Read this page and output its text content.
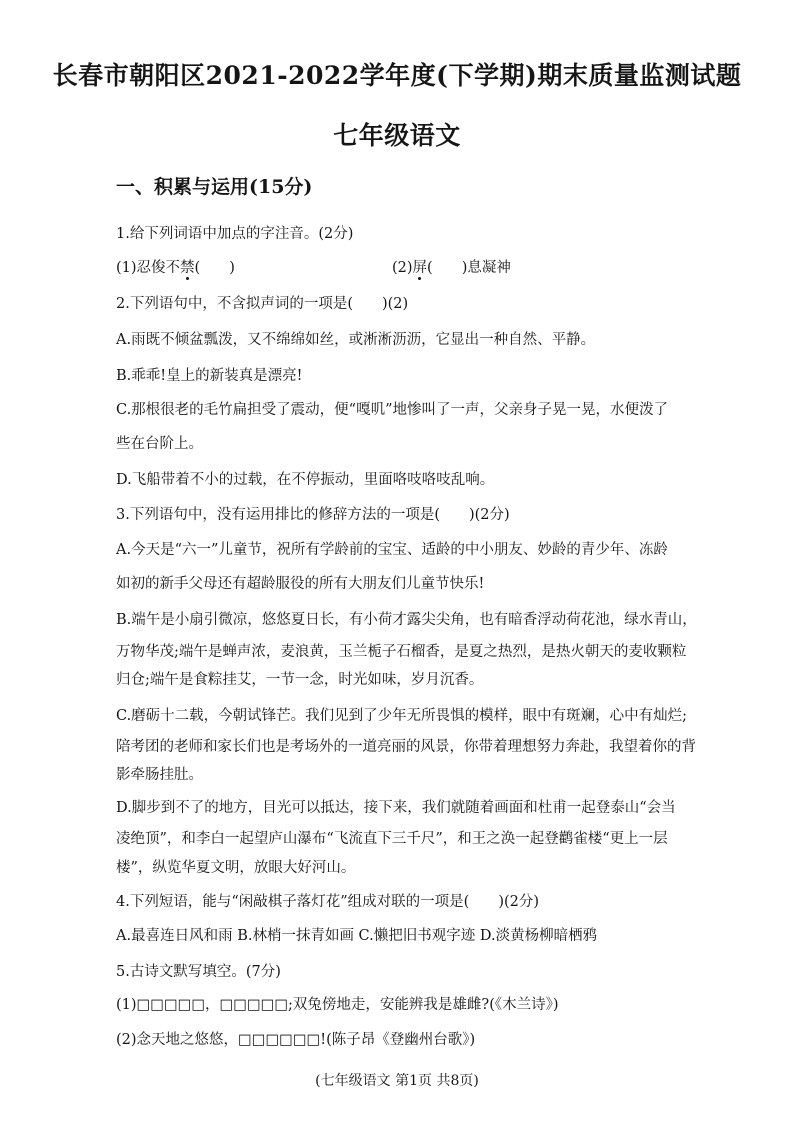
长春市朝阳区2021-2022学年度(下学期)期末质量监测试题
七年级语文
一、积累与运用(15分)
1.给下列词语中加点的字注音。(2分)
(1)忍俊不禁(　　)	(2)屏(　　)息凝神
2.下列语句中，不含拟声词的一项是(　　)(2)
A.雨既不倾盆瓢泼，又不绵绵如丝，或淅淅沥沥，它显出一种自然、平静。
B.乖乖!皇上的新装真是漂亮!
C.那根很老的毛竹扁担受了震动，便“嘎叽”地惨叫了一声，父亲身子晃一晃，水便泼了
些在台阶上。
D.飞船带着不小的过载，在不停振动，里面咯吱咯吱乱响。
3.下列语句中，没有运用排比的修辞方法的一项是(　　)(2分)
A.今天是“六一”儿童节，祝所有学龄前的宝宝、适龄的中小朋友、妙龄的青少年、冻龄
如初的新手父母还有超龄服役的所有大朋友们儿童节快乐!
B.端午是小扇引微凉，悠悠夏日长，有小荷才露尖尖角，也有暗香浮动荷花池，绿水青山，
万物华茂;端午是蝉声浓，麦浪黄，玉兰栀子石榴香，是夏之热烈，是热火朝天的麦收颗粒
归仓;端午是食粽挂艾，一节一念，时光如味，岁月沉香。
C.磨砺十二载，今朝试锋芒。我们见到了少年无所畏惧的模样，眼中有斑斓，心中有灿烂;
陪考团的老师和家长们也是考场外的一道亮丽的风景，你带着理想努力奔赴，我望着你的背
影牵肠挂肚。
D.脚步到不了的地方，目光可以抵达，接下来，我们就随着画面和杜甫一起登泰山“会当
凌绝顶”，和李白一起望庐山瀑布“飞流直下三千尺”，和王之涣一起登鹳雀楼“更上一层
楼”，纵览华夏文明，放眼大好河山。
4.下列短语，能与“闲敲棋子落灯花”组成对联的一项是(　　)(2分)
A.最喜连日风和雨 B.林梢一抹青如画 C.懒把旧书观字迹 D.淡黄杨柳暗栖鸦
5.古诗文默写填空。(7分)
(1)□□□□□，□□□□□;双兔傍地走，安能辨我是雄雌?(《木兰诗》)
(2)念天地之悠悠，□□□□□□!(陈子昂《登幽州台歌》)
(七年级语文 第1页 共8页)
